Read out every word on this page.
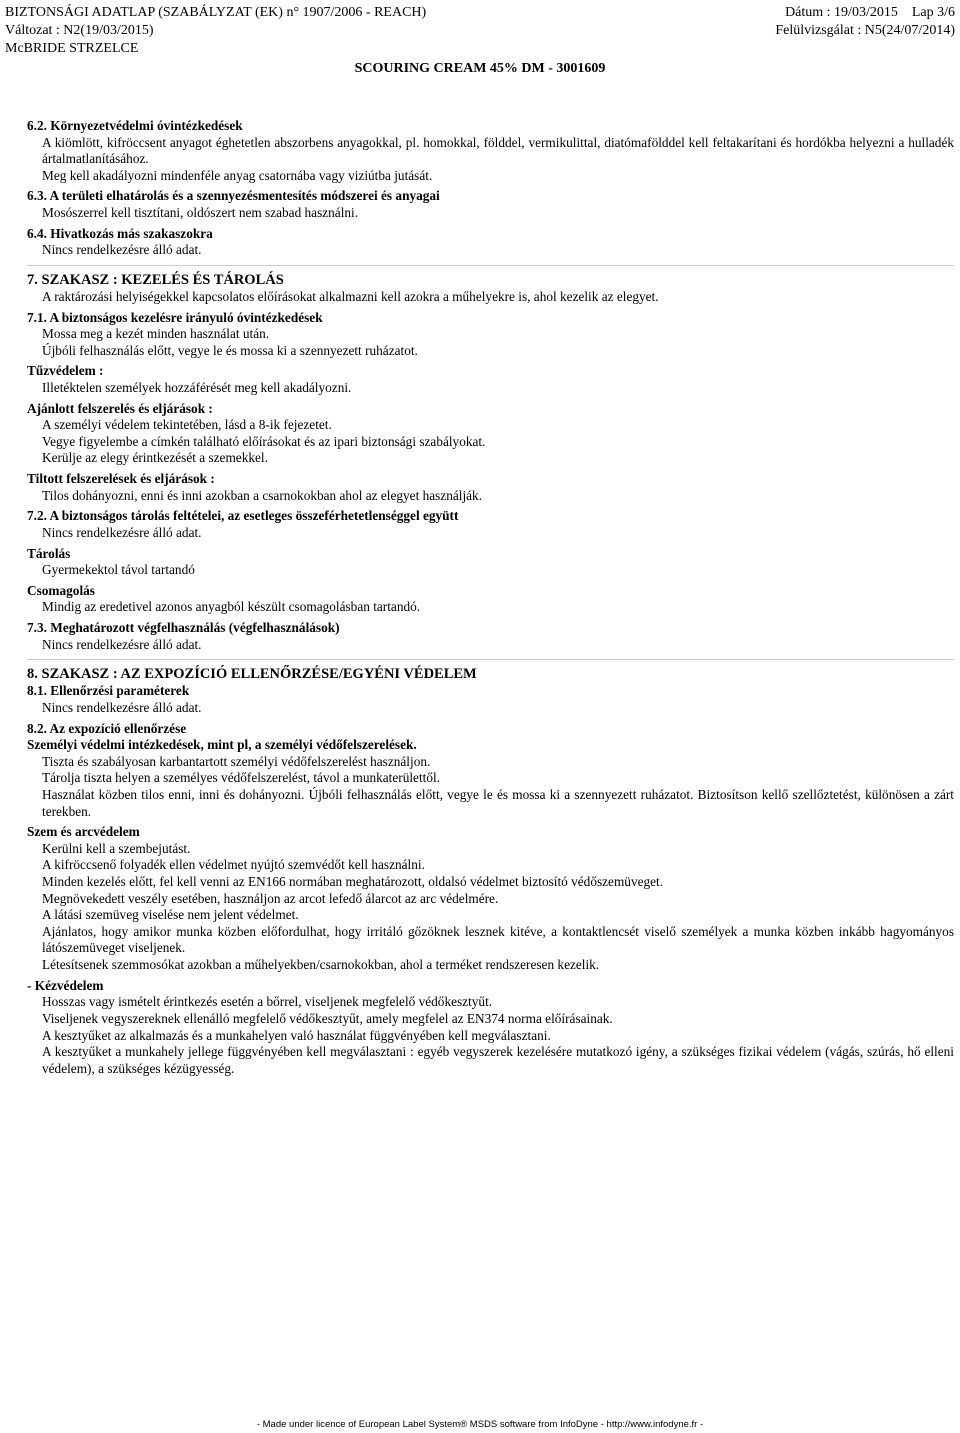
BIZTONSÁGI ADATLAP (SZABÁLYZAT (EK) n° 1907/2006 - REACH)	Dátum : 19/03/2015 Lap 3/6
Változat : N2(19/03/2015)	Felülvizsgálat : N5(24/07/2014)
McBRIDE STRZELCE
SCOURING CREAM 45% DM - 3001609

6.2. Környezetvédelmi óvintézkedések

A kiömlött, kifröccsent anyagot éghetetlen abszorbens anyagokkal, pl. homokkal, földdel, vermikulittal, diatómafölddel kell feltakarítani és hordókba helyezni a hulladék ártalmatlanításához.

Meg kell akadályozni mindenféle anyag csatornába vagy viziútba jutását.

6.3. A területi elhatárolás és a szennyezésmentesítés módszerei és anyagai

Mosószerrel kell tisztítani, oldószert nem szabad használni.

6.4. Hivatkozás más szakaszokra

Nincs rendelkezésre álló adat.

7. SZAKASZ : KEZELÉS ÉS TÁROLÁS

A raktározási helyiségekkel kapcsolatos előírásokat alkalmazni kell azokra a műhelyekre is, ahol kezelik az elegyet.

7.1. A biztonságos kezelésre irányuló óvintézkedések

Mossa meg a kezét minden használat után.

Újbóli felhasználás előtt, vegye le és mossa ki a szennyezett ruházatot.

Tűzvédelem :

Illetéktelen személyek hozzáférését meg kell akadályozni.

Ajánlott felszerelés és eljárások :

A személyi védelem tekintetében, lásd a 8-ik fejezetet.

Vegye figyelembe a címkén található előírásokat és az ipari biztonsági szabályokat.

Kerülje az elegy érintkezését a szemekkel.

Tiltott felszerelések és eljárások :

Tilos dohányozni, enni és inni azokban a csarnokokban ahol az elegyet használják.

7.2. A biztonságos tárolás feltételei, az esetleges összeférhetetlenséggel együtt

Nincs rendelkezésre álló adat.

Tárolás

Gyermekektol távol tartandó

Csomagolás

Mindig az eredetivel azonos anyagból készült csomagolásban tartandó.

7.3. Meghatározott végfelhasználás (végfelhasználások)

Nincs rendelkezésre álló adat.

8. SZAKASZ : AZ EXPOZÍCIÓ ELLENŐRZÉSE/EGYÉNI VÉDELEM

8.1. Ellenőrzési paraméterek

Nincs rendelkezésre álló adat.

8.2. Az expozíció ellenőrzése

Személyi védelmi intézkedések, mint pl, a személyi védőfelszerelések.

Tiszta és szabályosan karbantartott személyi védőfelszerelést használjon.

Tárolja tiszta helyen a személyes védőfelszerelést, távol a munkaterülettől.

Használat közben tilos enni, inni és dohányozni. Újbóli felhasználás előtt, vegye le és mossa ki a szennyezett ruházatot. Biztosítson kellő szellőztetést, különösen a zárt terekben.

Szem és arcvédelem

Kerülni kell a szembejutást.

A kifröccsenő folyadék ellen védelmet nyújtó szemvédőt kell használni.

Minden kezelés előtt, fel kell venni az EN166 normában meghatározott, oldalsó védelmet biztosító védőszemüveget.

Megnövekedett veszély esetében, használjon az arcot lefedő álarcot az arc védelmére.

A látási szemüveg viselése nem jelent védelmet.

Ajánlatos, hogy amikor munka közben előfordulhat, hogy irritáló gőzöknek lesznek kitéve, a kontaktlencsét viselő személyek a munka közben inkább hagyományos látószemüveget viseljenek.

Létesítsenek szemmosókat azokban a műhelyekben/csarnokokban, ahol a terméket rendszeresen kezelik.

- Kézvédelem

Hosszas vagy ismételt érintkezés esetén a bőrrel, viseljenek megfelelő védőkesztyűt.

Viseljenek vegyszereknek ellenálló megfelelő védőkesztyűt, amely megfelel az EN374 norma előírásainak.

A kesztyűket az alkalmazás és a munkahelyen való használat függvényében kell megválasztani.

A kesztyűket a munkahely jellege függvényében kell megválasztani : egyéb vegyszerek kezelésére mutatkozó igény, a szükséges fizikai védelem (vágás, szúrás, hő elleni védelem), a szükséges kézügyesség.

- Made under licence of European Label System® MSDS software from InfoDyne - http://www.infodyne.fr -
